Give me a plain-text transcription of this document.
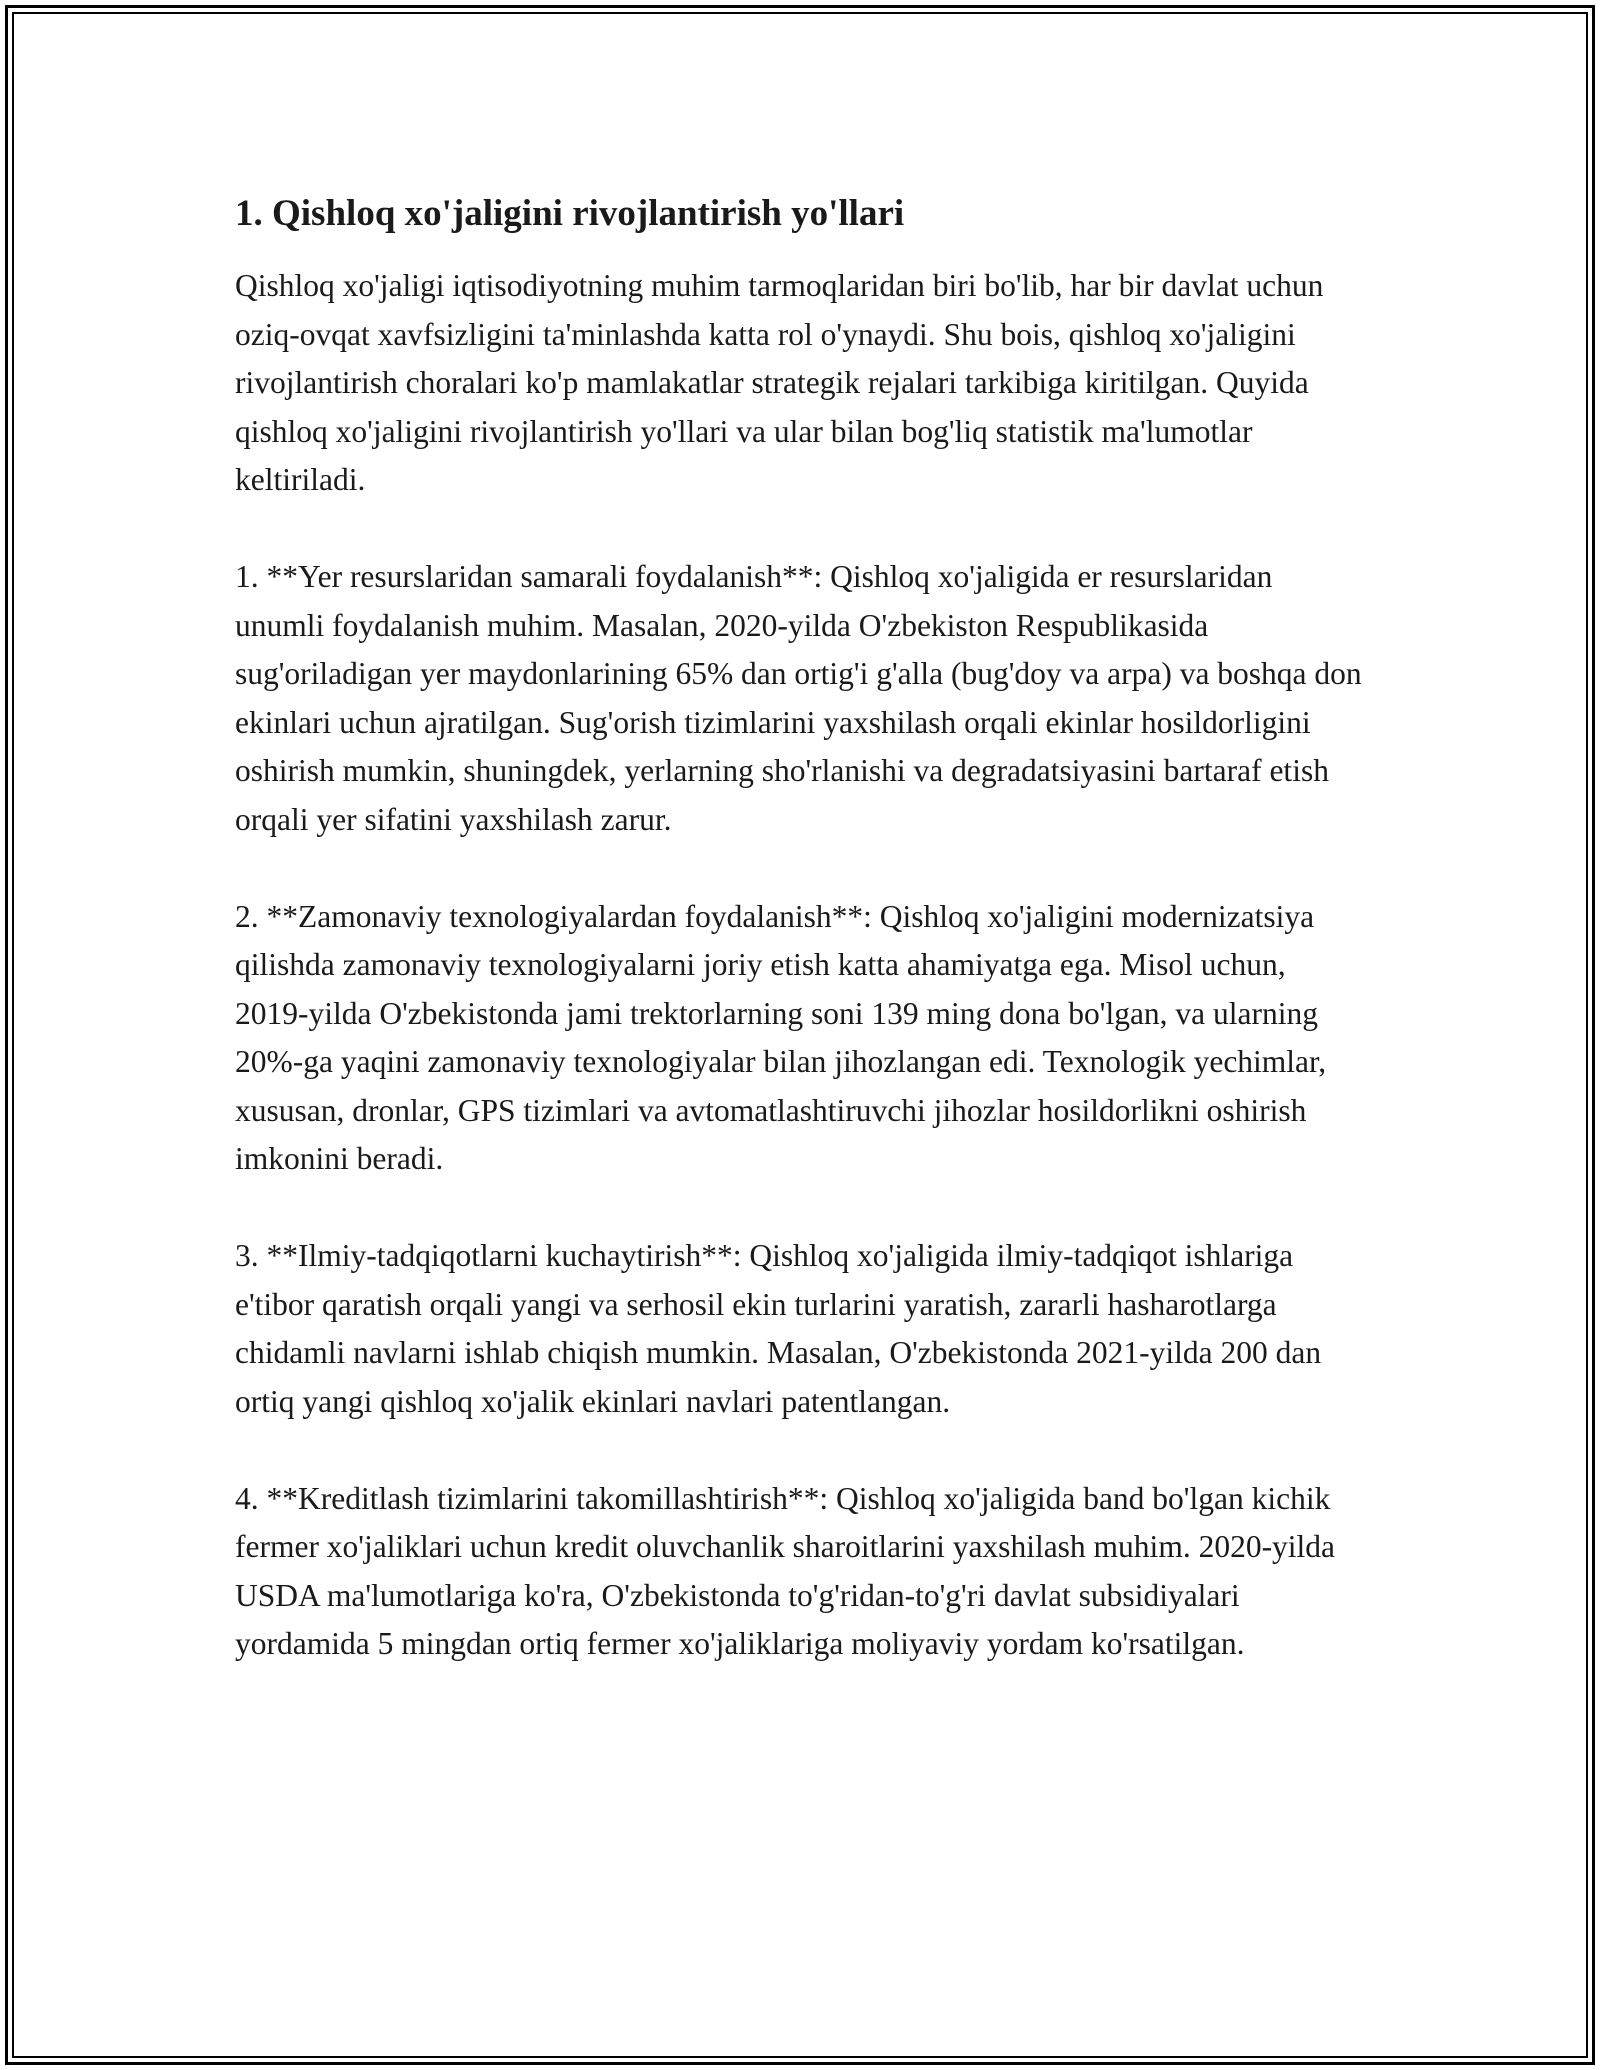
1. Qishloq xo'jaligini rivojlantirish yo'llari

Qishloq xo'jaligi iqtisodiyotning muhim tarmoqlaridan biri bo'lib, har bir davlat uchun oziq-ovqat xavfsizligini ta'minlashda katta rol o'ynaydi. Shu bois, qishloq xo'jaligini rivojlantirish choralari ko'p mamlakatlar strategik rejalari tarkibiga kiritilgan. Quyida qishloq xo'jaligini rivojlantirish yo'llari va ular bilan bog'liq statistik ma'lumotlar keltiriladi.

1. **Yer resurslaridan samarali foydalanish**: Qishloq xo'jaligida er resurslaridan unumli foydalanish muhim. Masalan, 2020-yilda O'zbekiston Respublikasida sug'oriladigan yer maydonlarining 65% dan ortig'i g'alla (bug'doy va arpa) va boshqa don ekinlari uchun ajratilgan. Sug'orish tizimlarini yaxshilash orqali ekinlar hosildorligini oshirish mumkin, shuningdek, yerlarning sho'rlanishi va degradatsiyasini bartaraf etish orqali yer sifatini yaxshilash zarur.

2. **Zamonaviy texnologiyalardan foydalanish**: Qishloq xo'jaligini modernizatsiya qilishda zamonaviy texnologiyalarni joriy etish katta ahamiyatga ega. Misol uchun, 2019-yilda O'zbekistonda jami trektorlarning soni 139 ming dona bo'lgan, va ularning 20%-ga yaqini zamonaviy texnologiyalar bilan jihozlangan edi. Texnologik yechimlar, xususan, dronlar, GPS tizimlari va avtomatlashtiruvchi jihozlar hosildorlikni oshirish imkonini beradi.

3. **Ilmiy-tadqiqotlarni kuchaytirish**: Qishloq xo'jaligida ilmiy-tadqiqot ishlariga e'tibor qaratish orqali yangi va serhosil ekin turlarini yaratish, zararli hasharotlarga chidamli navlarni ishlab chiqish mumkin. Masalan, O'zbekistonda 2021-yilda 200 dan ortiq yangi qishloq xo'jalik ekinlari navlari patentlangan.

4. **Kreditlash tizimlarini takomillashtirish**: Qishloq xo'jaligida band bo'lgan kichik fermer xo'jaliklari uchun kredit oluvchanlik sharoitlarini yaxshilash muhim. 2020-yilda USDA ma'lumotlariga ko'ra, O'zbekistonda to'g'ridan-to'g'ri davlat subsidiyalari yordamida 5 mingdan ortiq fermer xo'jaliklariga moliyaviy yordam ko'rsatilgan.
